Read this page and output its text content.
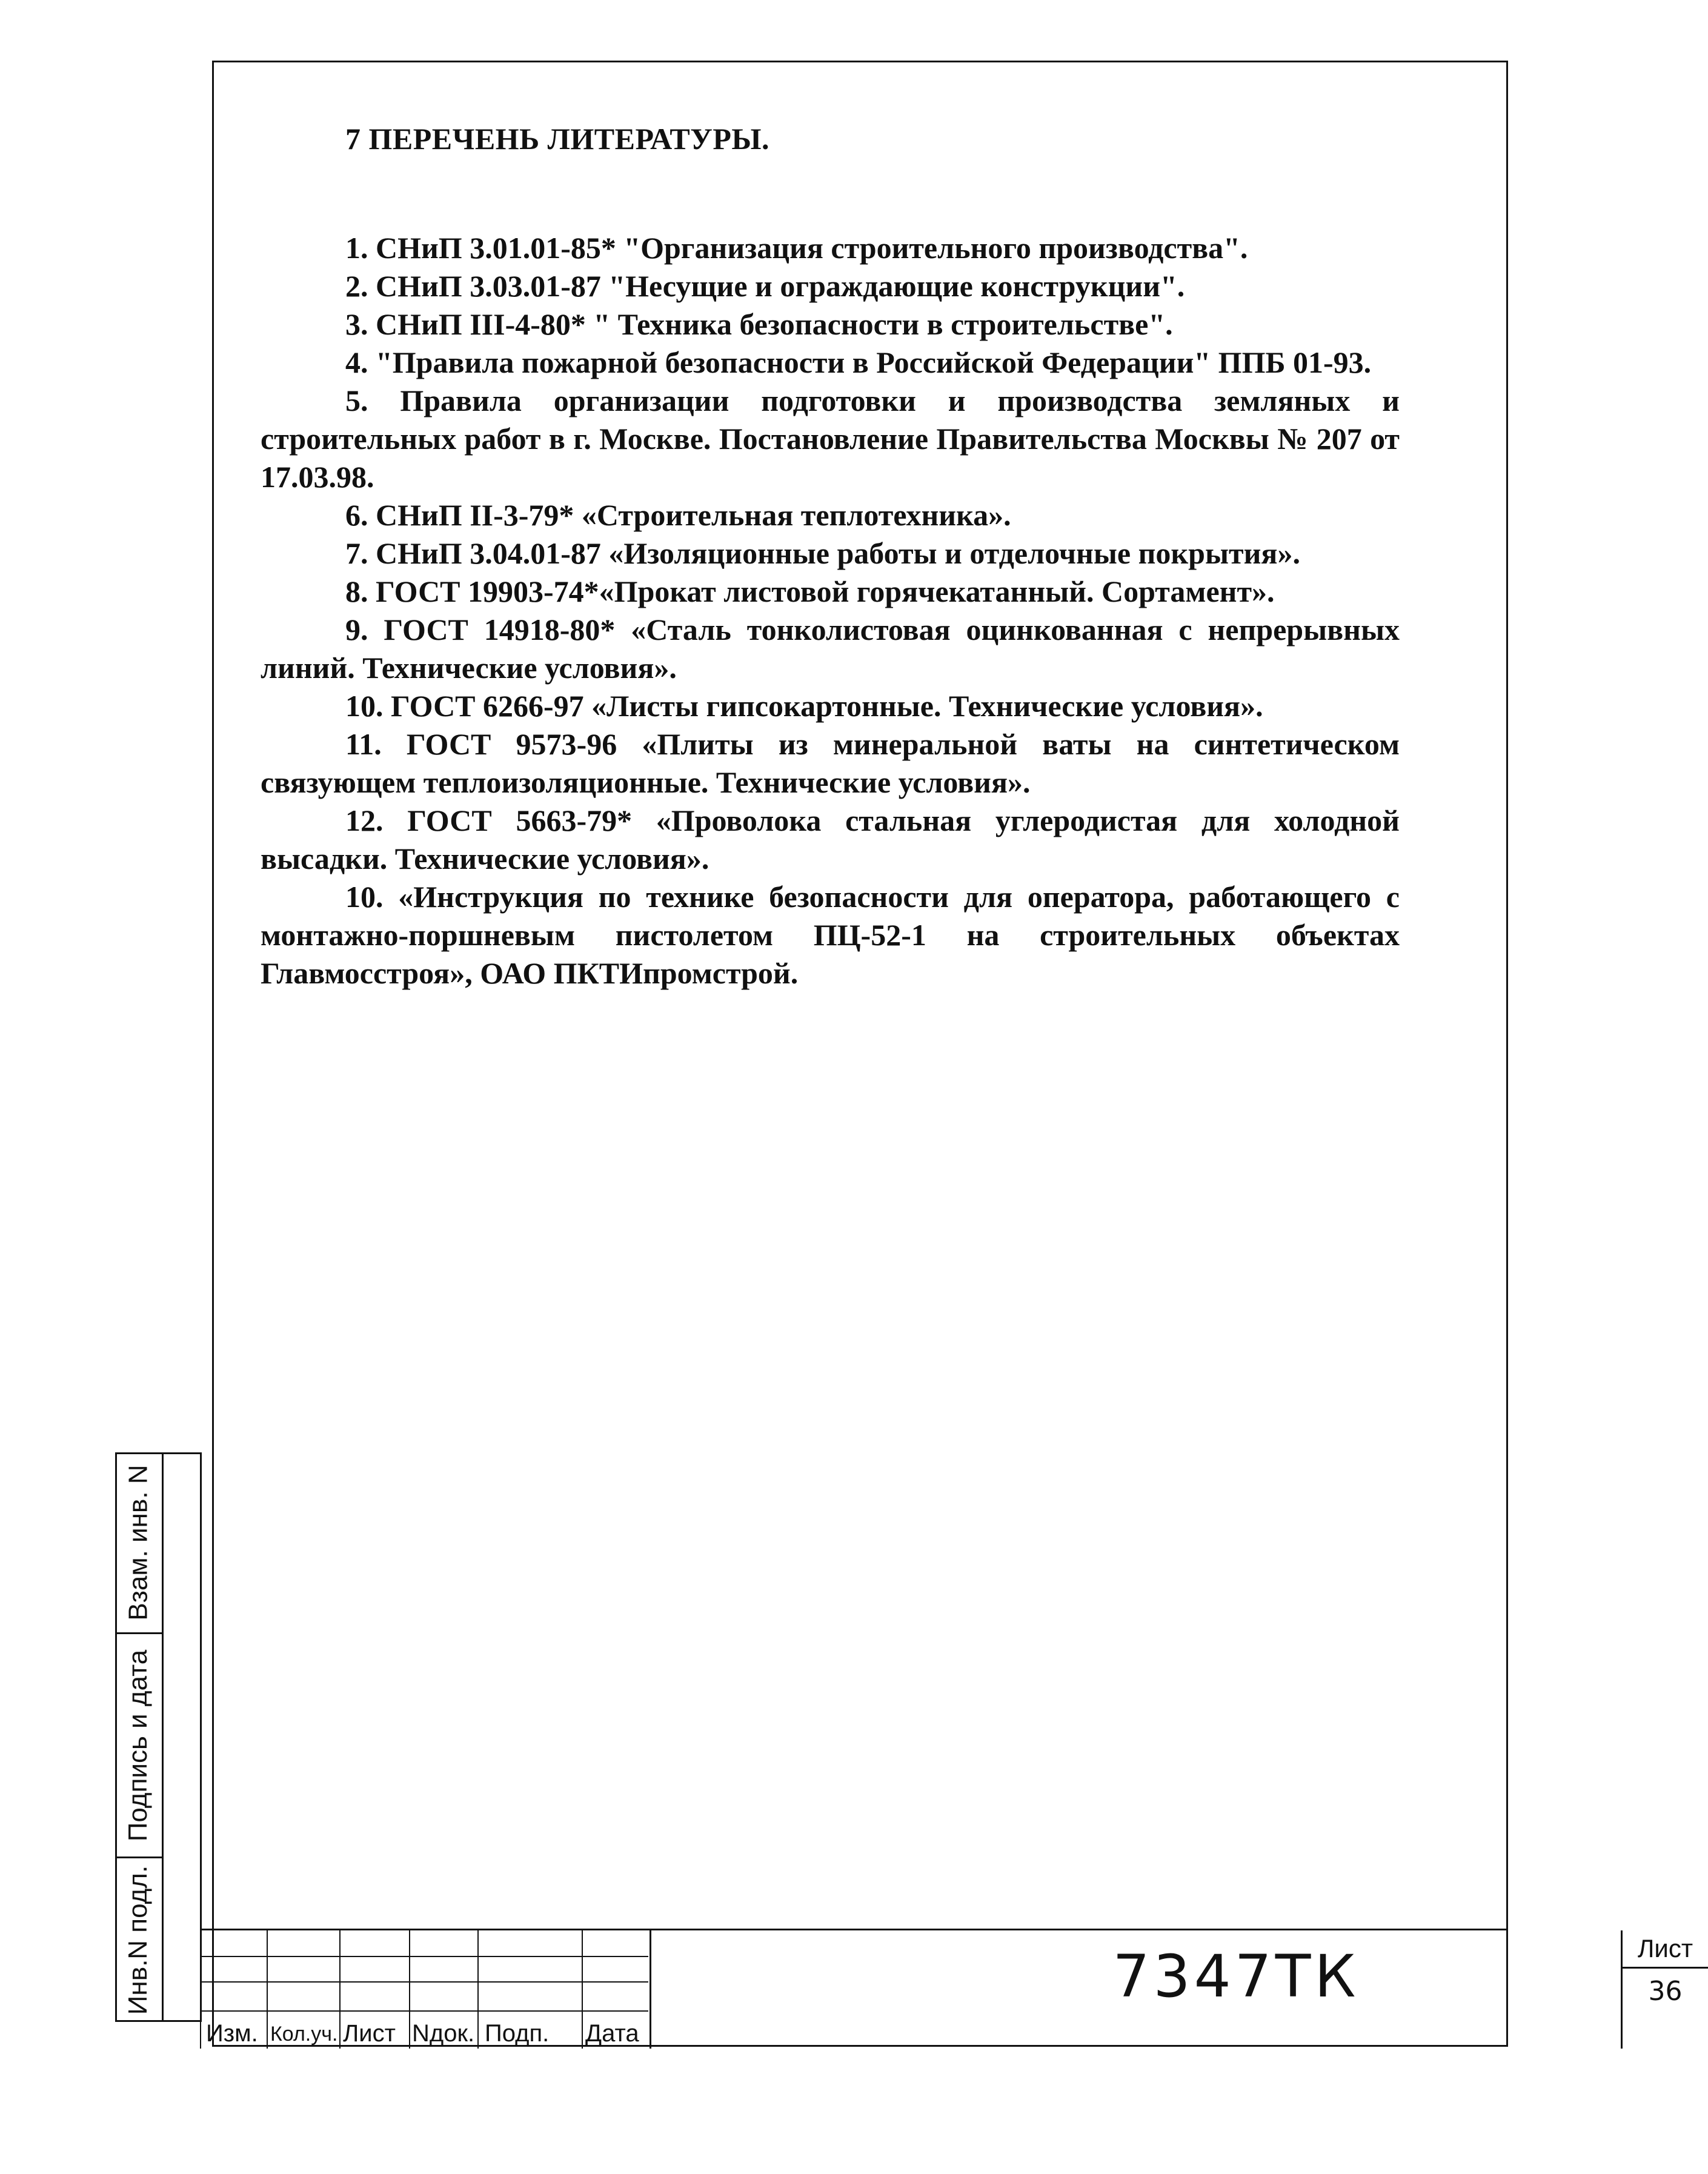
7 ПЕРЕЧЕНЬ ЛИТЕРАТУРЫ.

1. СНиП 3.01.01-85* "Организация строительного производства".

2. СНиП 3.03.01-87 "Несущие и ограждающие конструкции".

3. СНиП III-4-80* " Техника безопасности в строительстве".

4. "Правила пожарной безопасности в Российской Федерации" ППБ 01-93.

5. Правила организации подготовки и производства земляных и строительных работ в г. Москве. Постановление Правительства Москвы № 207 от 17.03.98.

6. СНиП II-3-79* «Строительная теплотехника».

7. СНиП 3.04.01-87 «Изоляционные работы и отделочные покрытия».

8. ГОСТ 19903-74*«Прокат листовой горячекатанный. Сортамент».

9. ГОСТ 14918-80* «Сталь тонколистовая оцинкованная с непрерывных линий. Технические условия».

10. ГОСТ 6266-97 «Листы гипсокартонные. Технические условия».

11. ГОСТ 9573-96 «Плиты из минеральной ваты на синтетическом связующем теплоизоляционные. Технические условия».

12. ГОСТ 5663-79* «Проволока стальная углеродистая для холодной высадки. Технические условия».

10. «Инструкция по технике безопасности для оператора, работающего с монтажно-поршневым пистолетом ПЦ-52-1 на строительных объектах Главмосстроя», ОАО ПКТИпромстрой.

Взам. инв. N
Подпись и дата
Инв.N подл.
Изм. Кол.уч. Лист Nдок. Подп. Дата
7347ТК	Лист
36
